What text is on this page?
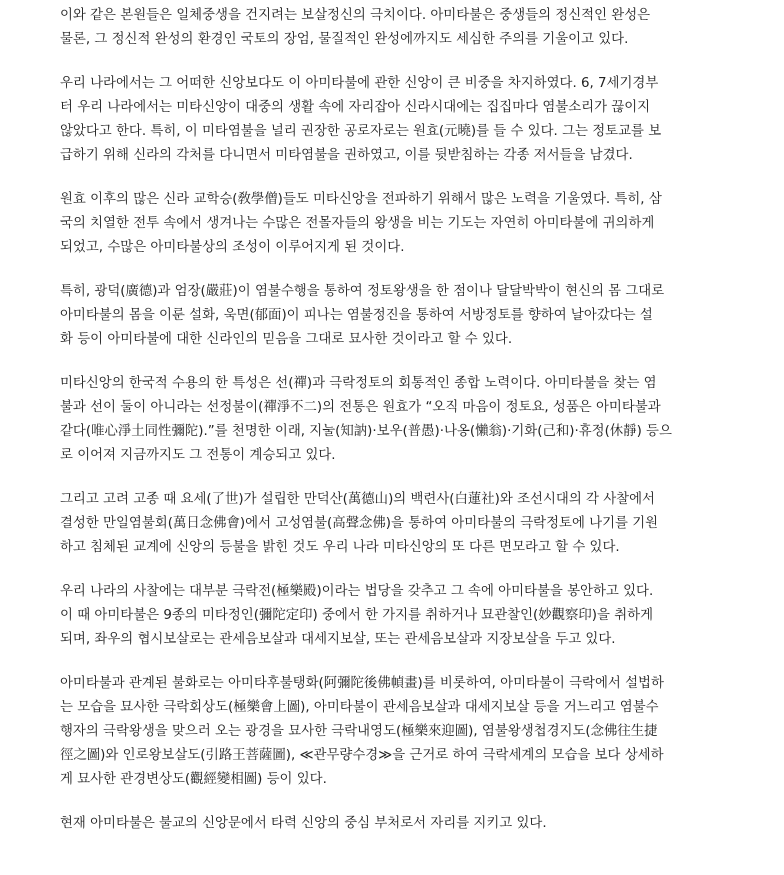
이와 같은 본원들은 일체중생을 건지려는 보살정신의 극치이다. 아미타불은 중생들의 정신적인 완성은
물론, 그 정신적 완성의 환경인 국토의 장엄, 물질적인 완성에까지도 세심한 주의를 기울이고 있다.

우리 나라에서는 그 어떠한 신앙보다도 이 아미타불에 관한 신앙이 큰 비중을 차지하였다. 6, 7세기경부
터 우리 나라에서는 미타신앙이 대중의 생활 속에 자리잡아 신라시대에는 집집마다 염불소리가 끊이지
않았다고 한다. 특히, 이 미타염불을 널리 권장한 공로자로는 원효(元曉)를 들 수 있다. 그는 정토교를 보
급하기 위해 신라의 각처를 다니면서 미타염불을 권하였고, 이를 뒷받침하는 각종 저서들을 남겼다.

원효 이후의 많은 신라 교학승(敎學僧)들도 미타신앙을 전파하기 위해서 많은 노력을 기울였다. 특히, 삼
국의 치열한 전투 속에서 생겨나는 수많은 전몰자들의 왕생을 비는 기도는 자연히 아미타불에 귀의하게
되었고, 수많은 아미타불상의 조성이 이루어지게 된 것이다.

특히, 광덕(廣德)과 엄장(嚴莊)이 염불수행을 통하여 정토왕생을 한 점이나 달달박박이 현신의 몸 그대로
아미타불의 몸을 이룬 설화, 욱면(郁面)이 피나는 염불정진을 통하여 서방정토를 향하여 날아갔다는 설
화 등이 아미타불에 대한 신라인의 믿음을 그대로 묘사한 것이라고 할 수 있다.

미타신앙의 한국적 수용의 한 특성은 선(禪)과 극락정토의 회통적인 종합 노력이다. 아미타불을 찾는 염
불과 선이 둘이 아니라는 선정불이(禪淨不二)의 전통은 원효가 “오직 마음이 정토요, 성품은 아미타불과
같다(唯心淨土同性彌陀).”를 천명한 이래, 지눌(知訥)·보우(普愚)·나옹(懶翁)·기화(己和)·휴정(休靜) 등으
로 이어져 지금까지도 그 전통이 계승되고 있다.

그리고 고려 고종 때 요세(了世)가 설립한 만덕산(萬德山)의 백련사(白蓮社)와 조선시대의 각 사찰에서
결성한 만일염불회(萬日念佛會)에서 고성염불(高聲念佛)을 통하여 아미타불의 극락정토에 나기를 기원
하고 침체된 교계에 신앙의 등불을 밝힌 것도 우리 나라 미타신앙의 또 다른 면모라고 할 수 있다.

우리 나라의 사찰에는 대부분 극락전(極樂殿)이라는 법당을 갖추고 그 속에 아미타불을 봉안하고 있다.
이 때 아미타불은 9종의 미타정인(彌陀定印) 중에서 한 가지를 취하거나 묘관찰인(妙觀察印)을 취하게
되며, 좌우의 협시보살로는 관세음보살과 대세지보살, 또는 관세음보살과 지장보살을 두고 있다.

아미타불과 관계된 불화로는 아미타후불탱화(阿彌陀後佛幀畫)를 비롯하여, 아미타불이 극락에서 설법하
는 모습을 묘사한 극락회상도(極樂會上圖), 아미타불이 관세음보살과 대세지보살 등을 거느리고 염불수
행자의 극락왕생을 맞으러 오는 광경을 묘사한 극락내영도(極樂來迎圖), 염불왕생첩경지도(念佛往生捷
徑之圖)와 인로왕보살도(引路王菩薩圖), ≪관무량수경≫을 근거로 하여 극락세계의 모습을 보다 상세하
게 묘사한 관경변상도(觀經變相圖) 등이 있다.

현재 아미타불은 불교의 신앙문에서 타력 신앙의 중심 부처로서 자리를 지키고 있다.
